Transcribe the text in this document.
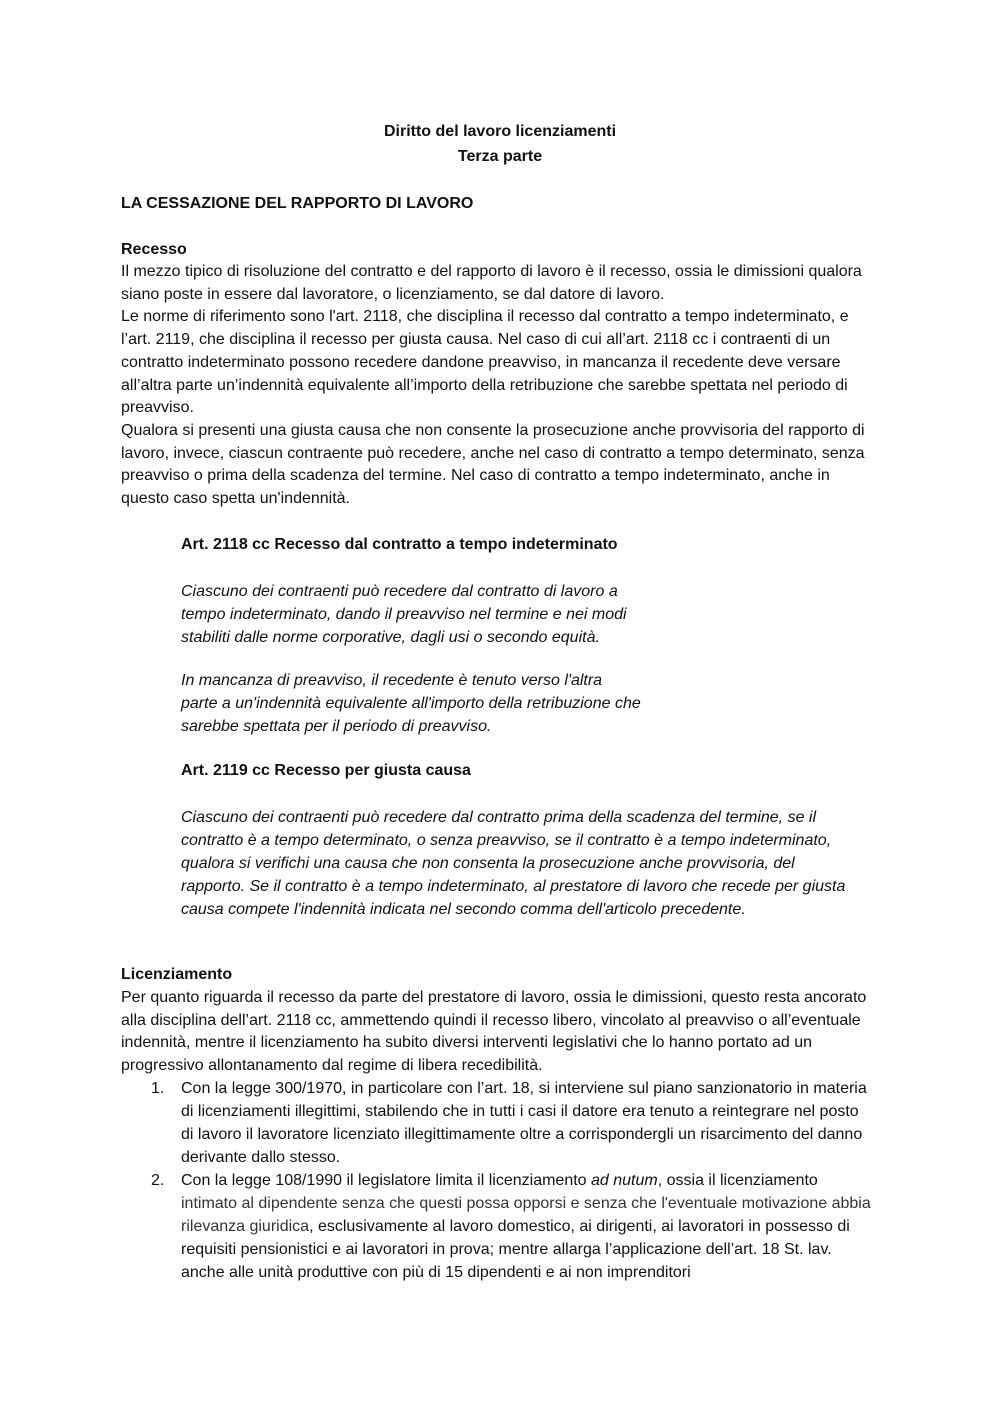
Diritto del lavoro licenziamenti

Terza parte

LA CESSAZIONE DEL RAPPORTO DI LAVORO

Recesso

Il mezzo tipico di risoluzione del contratto e del rapporto di lavoro è il recesso, ossia le dimissioni qualora siano poste in essere dal lavoratore, o licenziamento, se dal datore di lavoro.
Le norme di riferimento sono l'art. 2118, che disciplina il recesso dal contratto a tempo indeterminato, e l’art. 2119, che disciplina il recesso per giusta causa. Nel caso di cui all’art. 2118 cc i contraenti di un contratto indeterminato possono recedere dandone preavviso, in mancanza il recedente deve versare all’altra parte un’indennità equivalente all’importo della retribuzione che sarebbe spettata nel periodo di preavviso.
Qualora si presenti una giusta causa che non consente la prosecuzione anche provvisoria del rapporto di lavoro, invece, ciascun contraente può recedere, anche nel caso di contratto a tempo determinato, senza preavviso o prima della scadenza del termine. Nel caso di contratto a tempo indeterminato, anche in questo caso spetta un'indennità.

Art. 2118 cc Recesso dal contratto a tempo indeterminato

Ciascuno dei contraenti può recedere dal contratto di lavoro a
tempo indeterminato, dando il preavviso nel termine e nei modi
stabiliti dalle norme corporative, dagli usi o secondo equità.

In mancanza di preavviso, il recedente è tenuto verso l'altra
parte a un'indennità equivalente all'importo della retribuzione che
sarebbe spettata per il periodo di preavviso.

Art. 2119 cc Recesso per giusta causa

Ciascuno dei contraenti può recedere dal contratto prima della scadenza del termine, se il
contratto è a tempo determinato, o senza preavviso, se il contratto è a tempo indeterminato,
qualora si verifichi una causa che non consenta la prosecuzione anche provvisoria, del
rapporto. Se il contratto è a tempo indeterminato, al prestatore di lavoro che recede per giusta
causa compete l'indennità indicata nel secondo comma dell'articolo precedente.

Licenziamento

Per quanto riguarda il recesso da parte del prestatore di lavoro, ossia le dimissioni, questo resta ancorato alla disciplina dell’art. 2118 cc, ammettendo quindi il recesso libero, vincolato al preavviso o all’eventuale indennità, mentre il licenziamento ha subito diversi interventi legislativi che lo hanno portato ad un progressivo allontanamento dal regime di libera recedibilità.

1. Con la legge 300/1970, in particolare con l’art. 18, si interviene sul piano sanzionatorio in materia di licenziamenti illegittimi, stabilendo che in tutti i casi il datore era tenuto a reintegrare nel posto di lavoro il lavoratore licenziato illegittimamente oltre a corrispondergli un risarcimento del danno derivante dallo stesso.

2. Con la legge 108/1990 il legislatore limita il licenziamento ad nutum, ossia il licenziamento intimato al dipendente senza che questi possa opporsi e senza che l'eventuale motivazione abbia rilevanza giuridica, esclusivamente al lavoro domestico, ai dirigenti, ai lavoratori in possesso di requisiti pensionistici e ai lavoratori in prova; mentre allarga l’applicazione dell’art. 18 St. lav. anche alle unità produttive con più di 15 dipendenti e ai non imprenditori
